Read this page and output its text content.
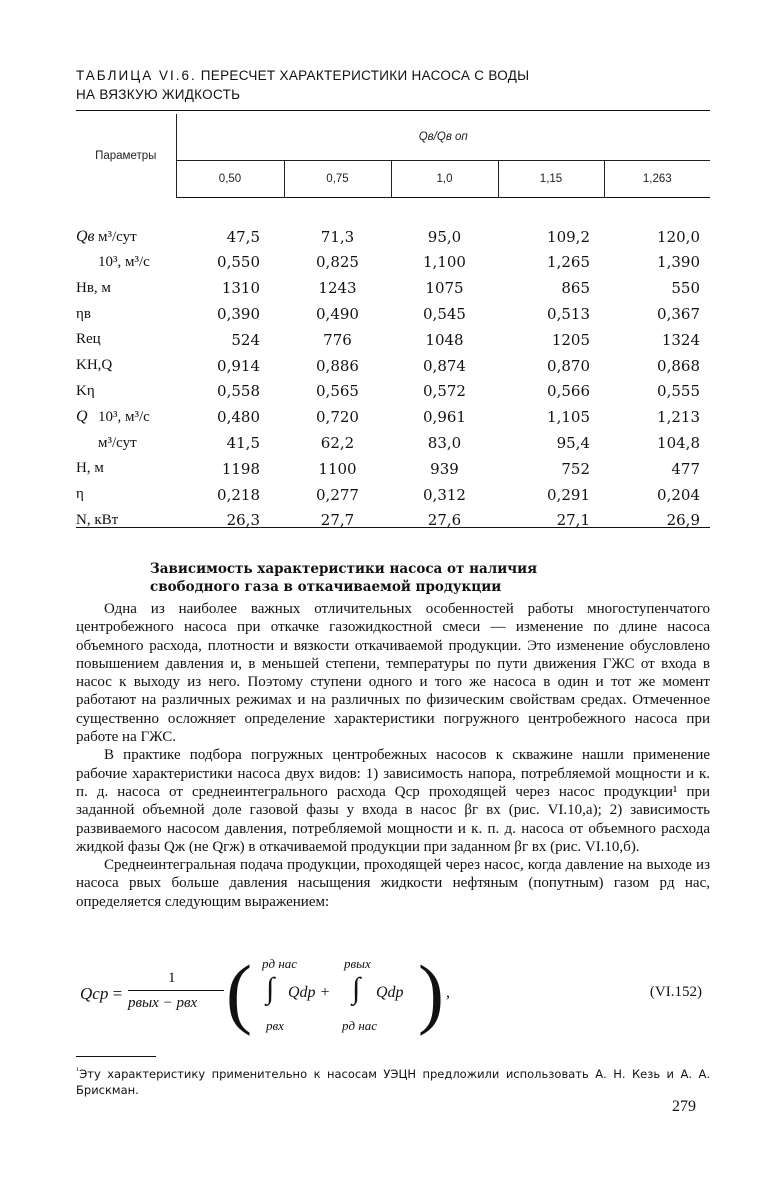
ТАБЛИЦА VI.6. ПЕРЕСЧЕТ ХАРАКТЕРИСТИКИ НАСОСА С ВОДЫ
НА ВЯЗКУЮ ЖИДКОСТЬ
Параметры	Qв/Qв оп				
	0,50	0,75	1,0	1,15	1,263

Qв м³/сут	47,5	71,3	95,0	109,2	120,0
10³, м³/с	0,550	0,825	1,100	1,265	1,390
Hв, м	1310	1243	1075	865	550
ηв	0,390	0,490	0,545	0,513	0,367
Reц	524	776	1048	1205	1324
KH,Q	0,914	0,886	0,874	0,870	0,868
Kη	0,558	0,565	0,572	0,566	0,555
Q 10³, м³/с	0,480	0,720	0,961	1,105	1,213
м³/сут	41,5	62,2	83,0	95,4	104,8
H, м	1198	1100	939	752	477
η	0,218	0,277	0,312	0,291	0,204
N, кВт	26,3	27,7	27,6	27,1	26,9
Зависимость характеристики насоса от наличия
свободного газа в откачиваемой продукции

Одна из наиболее важных отличительных особенностей работы многоступенчатого центробежного насоса при откачке газожидкостной смеси — изменение по длине насоса объемного расхода, плотности и вязкости откачиваемой продукции. Это изменение обусловлено повышением давления и, в меньшей степени, температуры по пути движения ГЖС от входа в насос к выходу из него. Поэтому ступени одного и того же насоса в один и тот же момент работают на различных режимах и на различных по физическим свойствам средах. Отмеченное существенно осложняет определение характеристики погружного центробежного насоса при работе на ГЖС.

В практике подбора погружных центробежных насосов к скважине нашли применение рабочие характеристики насоса двух видов: 1) зависимость напора, потребляемой мощности и к. п. д. насоса от среднеинтегрального расхода Qср проходящей через насос продукции¹ при заданной объемной доле газовой фазы у входа в насос βг вх (рис. VI.10,а); 2) зависимость развиваемого насосом давления, потребляемой мощности и к. п. д. насоса от объемного расхода жидкой фазы Qж (не Qгж) в откачиваемой продукции при заданном βг вх (рис. VI.10,б).

Среднеинтегральная подача продукции, проходящей через насос, когда давление на выходе из насоса pвых больше давления насыщения жидкости нефтяным (попутным) газом pд нас, определяется следующим выражением:

Qср =
1
pвых − pвх ( pд нас
∫
pвх
Qdp +
pвых
∫
pд нас
Qdp ) ,	(VI.152)
$^{^1}$Эту характеристику применительно к насосам УЭЦН предложили использовать А. Н. Кезь и А. А. Брискман.
279
